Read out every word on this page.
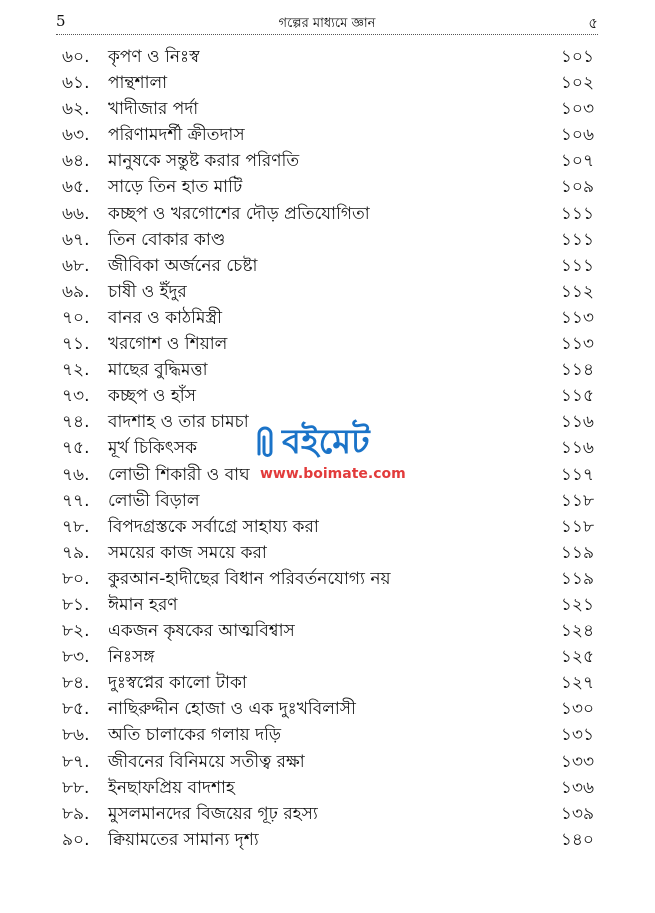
5	গল্পের মাধ্যমে জ্ঞান	৫
৬০. কৃপণ ও নিঃস্ব	১০১
৬১. পান্থশালা	১০২
৬২. খাদীজার পর্দা	১০৩
৬৩. পরিণামদর্শী ক্রীতদাস	১০৬
৬৪. মানুষকে সন্তুষ্ট করার পরিণতি	১০৭
৬৫. সাড়ে তিন হাত মাটি	১০৯
৬৬. কচ্ছপ ও খরগোশের দৌড় প্রতিযোগিতা	১১১
৬৭. তিন বোকার কাণ্ড	১১১
৬৮. জীবিকা অর্জনের চেষ্টা	১১১
৬৯. চাষী ও ইঁদুর	১১২
৭০. বানর ও কাঠমিস্ত্রী	১১৩
৭১. খরগোশ ও শিয়াল	১১৩
৭২. মাছের বুদ্ধিমত্তা	১১৪
৭৩. কচ্ছপ ও হাঁস	১১৫
৭৪. বাদশাহ ও তার চামচা	১১৬
৭৫. মূর্খ চিকিৎসক	১১৬
৭৬. লোভী শিকারী ও বাঘ	১১৭
৭৭. লোভী বিড়াল	১১৮
৭৮. বিপদগ্রস্তকে সর্বাগ্রে সাহায্য করা	১১৮
৭৯. সময়ের কাজ সময়ে করা	১১৯
৮০. কুরআন-হাদীছের বিধান পরিবর্তনযোগ্য নয়	১১৯
৮১. ঈমান হরণ	১২১
৮২. একজন কৃষকের আত্মবিশ্বাস	১২৪
৮৩. নিঃসঙ্গ	১২৫
৮৪. দুঃস্বপ্নের কালো টাকা	১২৭
৮৫. নাছিরুদ্দীন হোজা ও এক দুঃখবিলাসী	১৩০
৮৬. অতি চালাকের গলায় দড়ি	১৩১
৮৭. জীবনের বিনিময়ে সতীত্ব রক্ষা	১৩৩
৮৮. ইনছাফপ্রিয় বাদশাহ	১৩৬
৮৯. মুসলমানদের বিজয়ের গূঢ় রহস্য	১৩৯
৯০. ক্বিয়ামতের সামান্য দৃশ্য	১৪০
বইমেট
www.boimate.com
